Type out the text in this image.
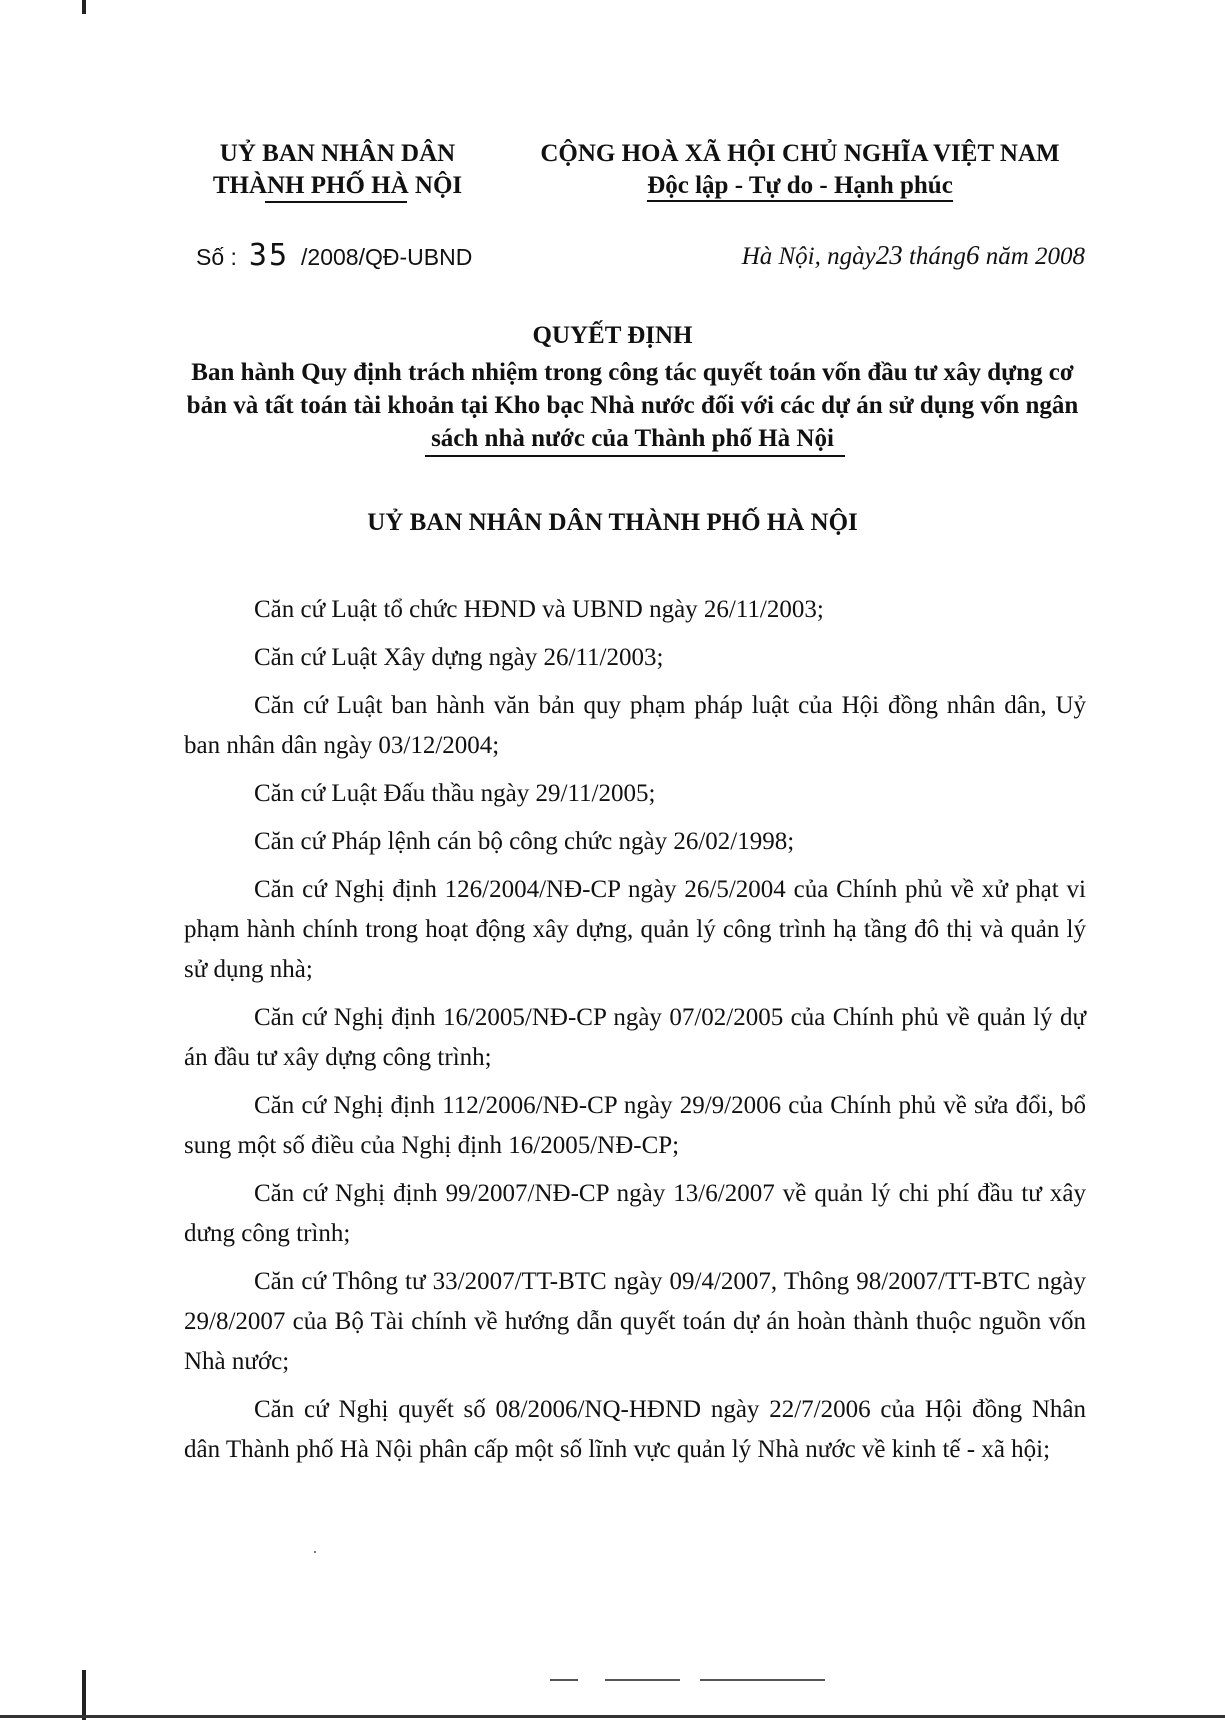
UỶ BAN NHÂN DÂN
THÀNH PHỐ HÀ NỘI
CỘNG HOÀ XÃ HỘI CHỦ NGHĨA VIỆT NAM
Độc lập - Tự do - Hạnh phúc
Số : 35 /2008/QĐ-UBND	Hà Nội, ngày23 tháng6 năm 2008
QUYẾT ĐỊNH
Ban hành Quy định trách nhiệm trong công tác quyết toán vốn đầu tư xây dựng cơ bản và tất toán tài khoản tại Kho bạc Nhà nước đối với các dự án sử dụng vốn ngân sách nhà nước của Thành phố Hà Nội
UỶ BAN NHÂN DÂN THÀNH PHỐ HÀ NỘI

Căn cứ Luật tổ chức HĐND và UBND ngày 26/11/2003;

Căn cứ Luật Xây dựng ngày 26/11/2003;

Căn cứ Luật ban hành văn bản quy phạm pháp luật của Hội đồng nhân dân, Uỷ ban nhân dân ngày 03/12/2004;

Căn cứ Luật Đấu thầu ngày 29/11/2005;

Căn cứ Pháp lệnh cán bộ công chức ngày 26/02/1998;

Căn cứ Nghị định 126/2004/NĐ-CP ngày 26/5/2004 của Chính phủ về xử phạt vi phạm hành chính trong hoạt động xây dựng, quản lý công trình hạ tầng đô thị và quản lý sử dụng nhà;

Căn cứ Nghị định 16/2005/NĐ-CP ngày 07/02/2005 của Chính phủ về quản lý dự án đầu tư xây dựng công trình;

Căn cứ Nghị định 112/2006/NĐ-CP ngày 29/9/2006 của Chính phủ về sửa đổi, bổ sung một số điều của Nghị định 16/2005/NĐ-CP;

Căn cứ Nghị định 99/2007/NĐ-CP ngày 13/6/2007 về quản lý chi phí đầu tư xây dưng công trình;

Căn cứ Thông tư 33/2007/TT-BTC ngày 09/4/2007, Thông 98/2007/TT-BTC ngày 29/8/2007 của Bộ Tài chính về hướng dẫn quyết toán dự án hoàn thành thuộc nguồn vốn Nhà nước;

Căn cứ Nghị quyết số 08/2006/NQ-HĐND ngày 22/7/2006 của Hội đồng Nhân dân Thành phố Hà Nội phân cấp một số lĩnh vực quản lý Nhà nước về kinh tế - xã hội;
